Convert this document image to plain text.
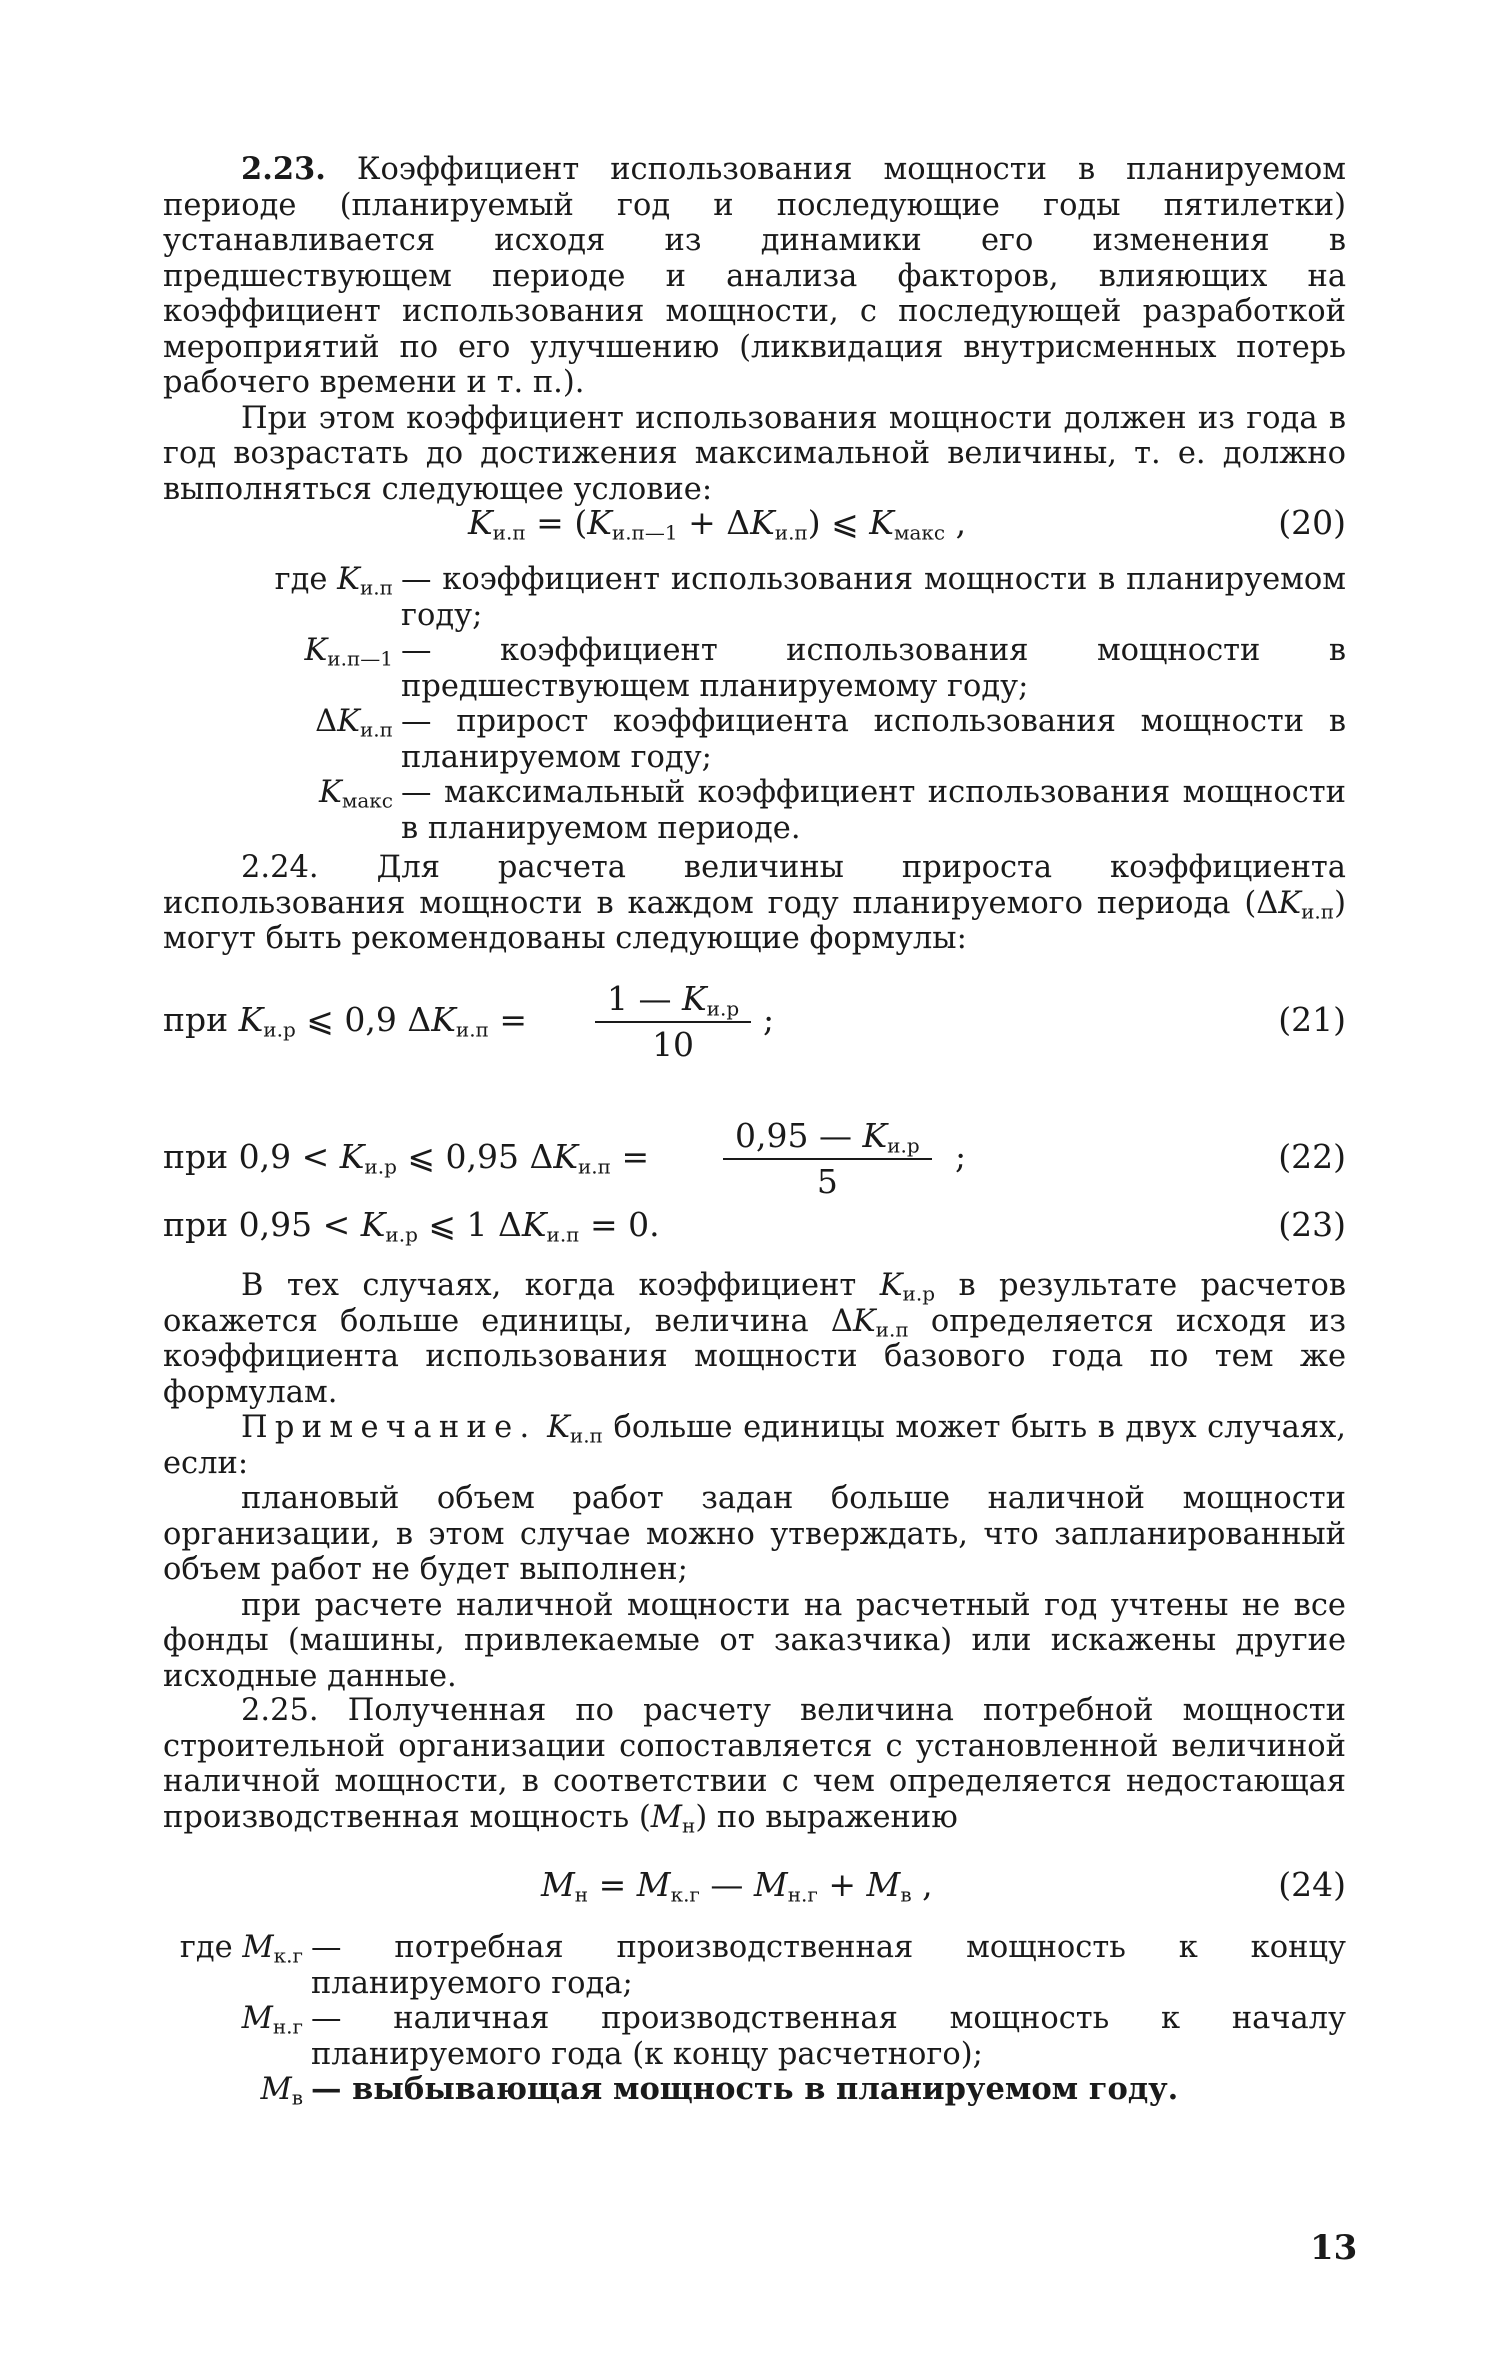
2.23. Коэффициент использования мощности в планируемом периоде (планируемый год и последующие годы пятилетки) устанавливается исходя из динамики его изменения в предшествующем периоде и анализа факторов, влияющих на коэффициент использования мощности, с последующей разработкой мероприятий по его улучшению (ликвидация внутрисменных потерь рабочего времени и т. п.).

При этом коэффициент использования мощности должен из года в год возрастать до достижения максимальной величины, т. е. должно выполняться следующее условие:

$K_{и.п} = (K_{и.п—1} + \Delta K_{и.п})$ ⩽ $K_{макс}$ ,	(20)
где $K_{и.п}$	— коэффициент использования мощности в планируемом году;
$K_{и.п—1}$	— коэффициент использования мощности в предшествующем планируемому году;
$\Delta K_{и.п}$	— прирост коэффициента использования мощности в планируемом году;
$K_{макс}$	— максимальный коэффициент использования мощности в планируемом периоде.

2.24. Для расчета величины прироста коэффициента использования мощности в каждом году планируемого периода $(\Delta K_{и.п})$ могут быть рекомендованы следующие формулы:

при $K_{и.р}$ ⩽ 0,9 $\Delta K_{и.п} = \frac{1 — K_{и.р}}{10}$ ;	(21)
при $0,9 < K_{и.р}$ ⩽ 0,95 $\Delta K_{и.п} = \frac{0,95 — K_{и.р}}{5}$ ;	(22)
при $0,95 < K_{и.р}$ ⩽ 1 $\Delta K_{и.п} = 0$.	(23)

В тех случаях, когда коэффициент $K_{и.р}$ в результате расчетов окажется больше единицы, величина $\Delta K_{и.п}$ определяется исходя из коэффициента использования мощности базового года по тем же формулам.

Примечание. $K_{и.п}$ больше единицы может быть в двух случаях, если:

плановый объем работ задан больше наличной мощности организации, в этом случае можно утверждать, что запланированный объем работ не будет выполнен;

при расчете наличной мощности на расчетный год учтены не все фонды (машины, привлекаемые от заказчика) или искажены другие исходные данные.

2.25. Полученная по расчету величина потребной мощности строительной организации сопоставляется с установленной величиной наличной мощности, в соответствии с чем определяется недостающая производственная мощность $(M_н)$ по выражению

$M_н = M_{к.г}$ — $M_{н.г} + M_в$ ,	(24)
где $M_{к.г}$	— потребная производственная мощность к концу планируемого года;
$M_{н.г}$	— наличная производственная мощность к началу планируемого года (к концу расчетного);
$M_в$	— выбывающая мощность в планируемом году.
13
